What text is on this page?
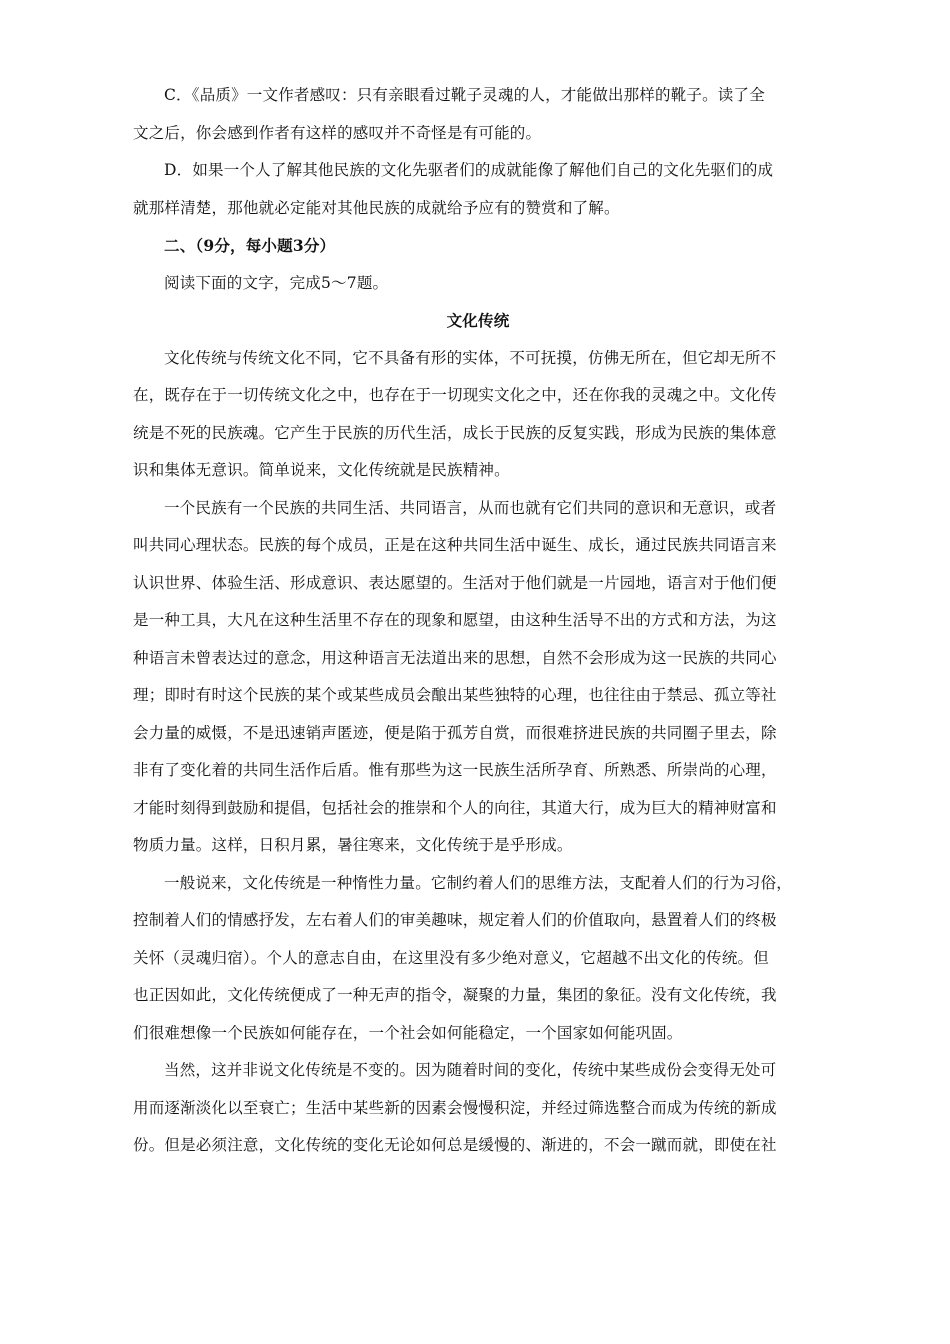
C．《品质》一文作者感叹：只有亲眼看过靴子灵魂的人，才能做出那样的靴子。读了全
文之后，你会感到作者有这样的感叹并不奇怪是有可能的。
D．如果一个人了解其他民族的文化先驱者们的成就能像了解他们自己的文化先驱们的成
就那样清楚，那他就必定能对其他民族的成就给予应有的赞赏和了解。
二、（9分，每小题3分）
阅读下面的文字，完成5～7题。
文化传统
文化传统与传统文化不同，它不具备有形的实体，不可抚摸，仿佛无所在，但它却无所不
在，既存在于一切传统文化之中，也存在于一切现实文化之中，还在你我的灵魂之中。文化传
统是不死的民族魂。它产生于民族的历代生活，成长于民族的反复实践，形成为民族的集体意
识和集体无意识。简单说来，文化传统就是民族精神。
一个民族有一个民族的共同生活、共同语言，从而也就有它们共同的意识和无意识，或者
叫共同心理状态。民族的每个成员，正是在这种共同生活中诞生、成长，通过民族共同语言来
认识世界、体验生活、形成意识、表达愿望的。生活对于他们就是一片园地，语言对于他们便
是一种工具，大凡在这种生活里不存在的现象和愿望，由这种生活导不出的方式和方法，为这
种语言未曾表达过的意念，用这种语言无法道出来的思想，自然不会形成为这一民族的共同心
理；即时有时这个民族的某个或某些成员会酿出某些独特的心理，也往往由于禁忌、孤立等社
会力量的威慑，不是迅速销声匿迹，便是陷于孤芳自赏，而很难挤进民族的共同圈子里去，除
非有了变化着的共同生活作后盾。惟有那些为这一民族生活所孕育、所熟悉、所崇尚的心理，
才能时刻得到鼓励和提倡，包括社会的推崇和个人的向往，其道大行，成为巨大的精神财富和
物质力量。这样，日积月累，暑往寒来，文化传统于是乎形成。
一般说来，文化传统是一种惰性力量。它制约着人们的思维方法，支配着人们的行为习俗，
控制着人们的情感抒发，左右着人们的审美趣味，规定着人们的价值取向，悬置着人们的终极
关怀（灵魂归宿）。个人的意志自由，在这里没有多少绝对意义，它超越不出文化的传统。但
也正因如此，文化传统便成了一种无声的指令，凝聚的力量，集团的象征。没有文化传统，我
们很难想像一个民族如何能存在，一个社会如何能稳定，一个国家如何能巩固。
当然，这并非说文化传统是不变的。因为随着时间的变化，传统中某些成份会变得无处可
用而逐渐淡化以至衰亡；生活中某些新的因素会慢慢积淀，并经过筛选整合而成为传统的新成
份。但是必须注意，文化传统的变化无论如何总是缓慢的、渐进的，不会一蹴而就，即使在社
